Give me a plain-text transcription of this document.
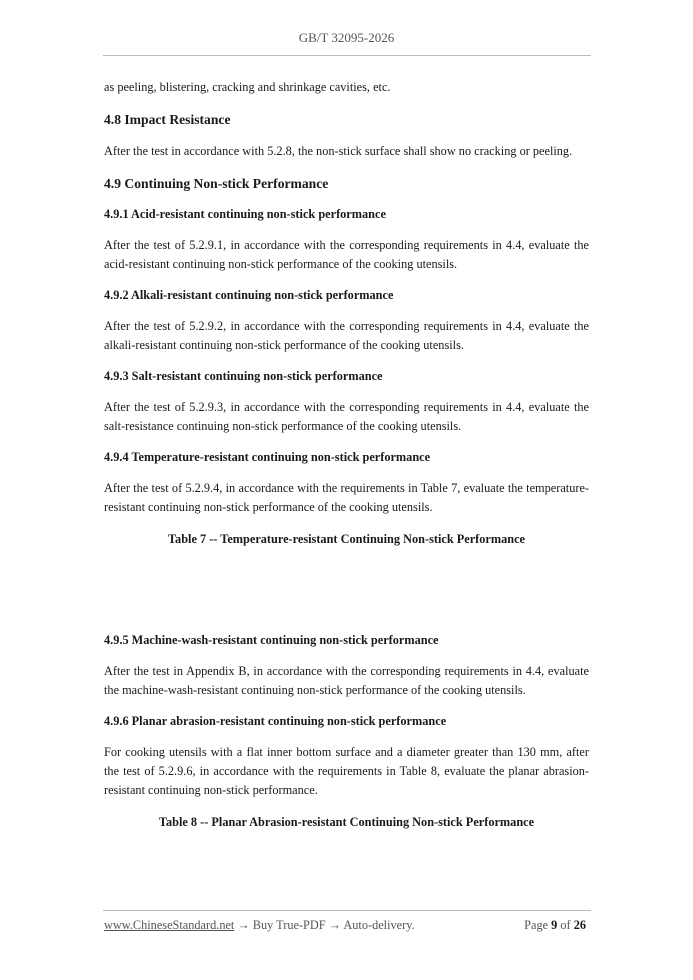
GB/T 32095-2026

as peeling, blistering, cracking and shrinkage cavities, etc.

4.8 Impact Resistance

After the test in accordance with 5.2.8, the non-stick surface shall show no cracking or peeling.

4.9 Continuing Non-stick Performance

4.9.1 Acid-resistant continuing non-stick performance

After the test of 5.2.9.1, in accordance with the corresponding requirements in 4.4, evaluate the acid-resistant continuing non-stick performance of the cooking utensils.

4.9.2 Alkali-resistant continuing non-stick performance

After the test of 5.2.9.2, in accordance with the corresponding requirements in 4.4, evaluate the alkali-resistant continuing non-stick performance of the cooking utensils.

4.9.3 Salt-resistant continuing non-stick performance

After the test of 5.2.9.3, in accordance with the corresponding requirements in 4.4, evaluate the salt-resistance continuing non-stick performance of the cooking utensils.

4.9.4 Temperature-resistant continuing non-stick performance

After the test of 5.2.9.4, in accordance with the requirements in Table 7, evaluate the temperature-resistant continuing non-stick performance of the cooking utensils.

Table 7 -- Temperature-resistant Continuing Non-stick Performance

4.9.5 Machine-wash-resistant continuing non-stick performance

After the test in Appendix B, in accordance with the corresponding requirements in 4.4, evaluate the machine-wash-resistant continuing non-stick performance of the cooking utensils.

4.9.6 Planar abrasion-resistant continuing non-stick performance

For cooking utensils with a flat inner bottom surface and a diameter greater than 130 mm, after the test of 5.2.9.6, in accordance with the requirements in Table 8, evaluate the planar abrasion-resistant continuing non-stick performance.

Table 8 -- Planar Abrasion-resistant Continuing Non-stick Performance

www.ChineseStandard.net → Buy True-PDF → Auto-delivery.	Page 9 of 26
